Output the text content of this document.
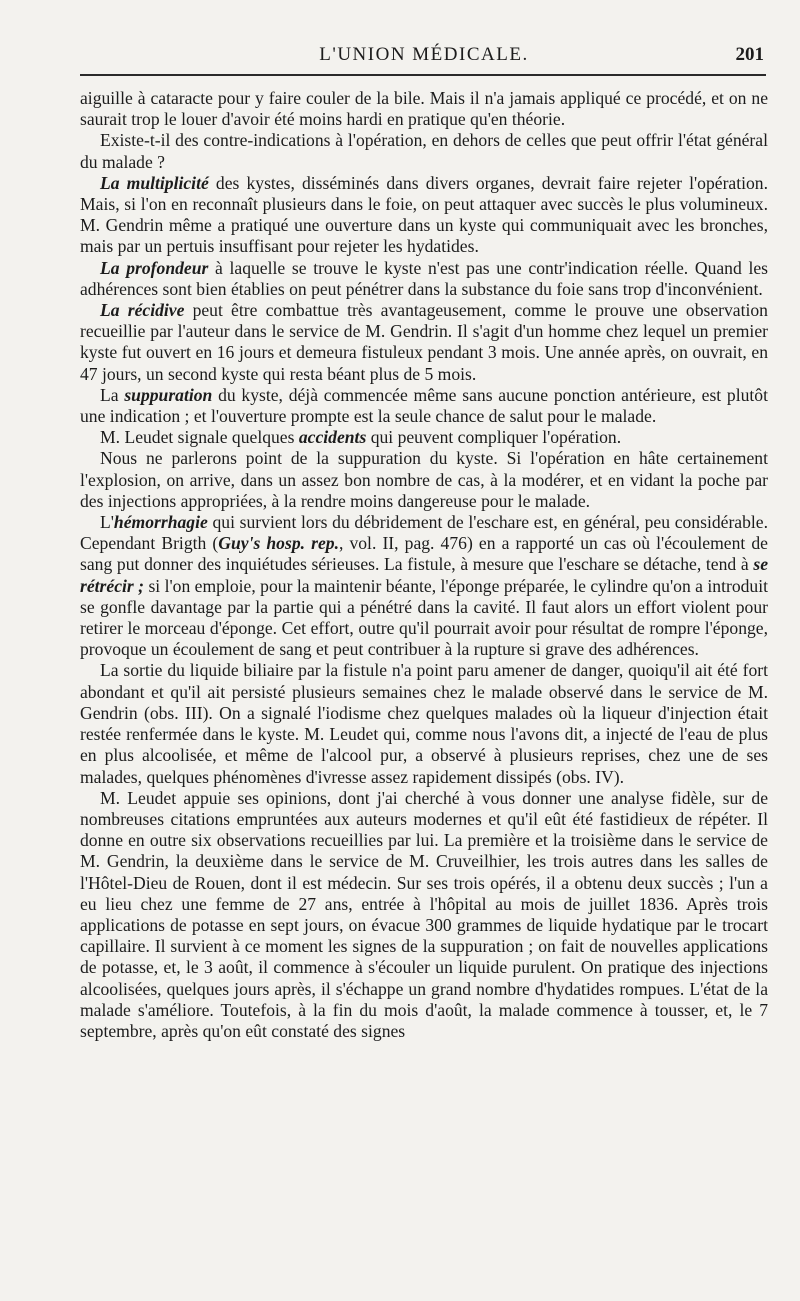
L'UNION MÉDICALE.	201

aiguille à cataracte pour y faire couler de la bile. Mais il n'a jamais appliqué ce procédé, et on ne saurait trop le louer d'avoir été moins hardi en pratique qu'en théorie.

Existe-t-il des contre-indications à l'opération, en dehors de celles que peut offrir l'état général du malade ?

La multiplicité des kystes, disséminés dans divers organes, devrait faire rejeter l'opération. Mais, si l'on en reconnaît plusieurs dans le foie, on peut attaquer avec succès le plus volumineux. M. Gendrin même a pratiqué une ouverture dans un kyste qui communiquait avec les bronches, mais par un pertuis insuffisant pour rejeter les hydatides.

La profondeur à laquelle se trouve le kyste n'est pas une contr'indication réelle. Quand les adhérences sont bien établies on peut pénétrer dans la substance du foie sans trop d'inconvénient.

La récidive peut être combattue très avantageusement, comme le prouve une observation recueillie par l'auteur dans le service de M. Gendrin. Il s'agit d'un homme chez lequel un premier kyste fut ouvert en 16 jours et demeura fistuleux pendant 3 mois. Une année après, on ouvrait, en 47 jours, un second kyste qui resta béant plus de 5 mois.

La suppuration du kyste, déjà commencée même sans aucune ponction antérieure, est plutôt une indication ; et l'ouverture prompte est la seule chance de salut pour le malade.

M. Leudet signale quelques accidents qui peuvent compliquer l'opération.

Nous ne parlerons point de la suppuration du kyste. Si l'opération en hâte certainement l'explosion, on arrive, dans un assez bon nombre de cas, à la modérer, et en vidant la poche par des injections appropriées, à la rendre moins dangereuse pour le malade.

L'hémorrhagie qui survient lors du débridement de l'eschare est, en général, peu considérable. Cependant Brigth (Guy's hosp. rep., vol. II, pag. 476) en a rapporté un cas où l'écoulement de sang put donner des inquiétudes sérieuses. La fistule, à mesure que l'eschare se détache, tend à se rétrécir ; si l'on emploie, pour la maintenir béante, l'éponge préparée, le cylindre qu'on a introduit se gonfle davantage par la partie qui a pénétré dans la cavité. Il faut alors un effort violent pour retirer le morceau d'éponge. Cet effort, outre qu'il pourrait avoir pour résultat de rompre l'éponge, provoque un écoulement de sang et peut contribuer à la rupture si grave des adhérences.

La sortie du liquide biliaire par la fistule n'a point paru amener de danger, quoiqu'il ait été fort abondant et qu'il ait persisté plusieurs semaines chez le malade observé dans le service de M. Gendrin (obs. III). On a signalé l'iodisme chez quelques malades où la liqueur d'injection était restée renfermée dans le kyste. M. Leudet qui, comme nous l'avons dit, a injecté de l'eau de plus en plus alcoolisée, et même de l'alcool pur, a observé à plusieurs reprises, chez une de ses malades, quelques phénomènes d'ivresse assez rapidement dissipés (obs. IV).

M. Leudet appuie ses opinions, dont j'ai cherché à vous donner une analyse fidèle, sur de nombreuses citations empruntées aux auteurs modernes et qu'il eût été fastidieux de répéter. Il donne en outre six observations recueillies par lui. La première et la troisième dans le service de M. Gendrin, la deuxième dans le service de M. Cruveilhier, les trois autres dans les salles de l'Hôtel-Dieu de Rouen, dont il est médecin. Sur ses trois opérés, il a obtenu deux succès ; l'un a eu lieu chez une femme de 27 ans, entrée à l'hôpital au mois de juillet 1836. Après trois applications de potasse en sept jours, on évacue 300 grammes de liquide hydatique par le trocart capillaire. Il survient à ce moment les signes de la suppuration ; on fait de nouvelles applications de potasse, et, le 3 août, il commence à s'écouler un liquide purulent. On pratique des injections alcoolisées, quelques jours après, il s'échappe un grand nombre d'hydatides rompues. L'état de la malade s'améliore. Toutefois, à la fin du mois d'août, la malade commence à tousser, et, le 7 septembre, après qu'on eût constaté des signes
